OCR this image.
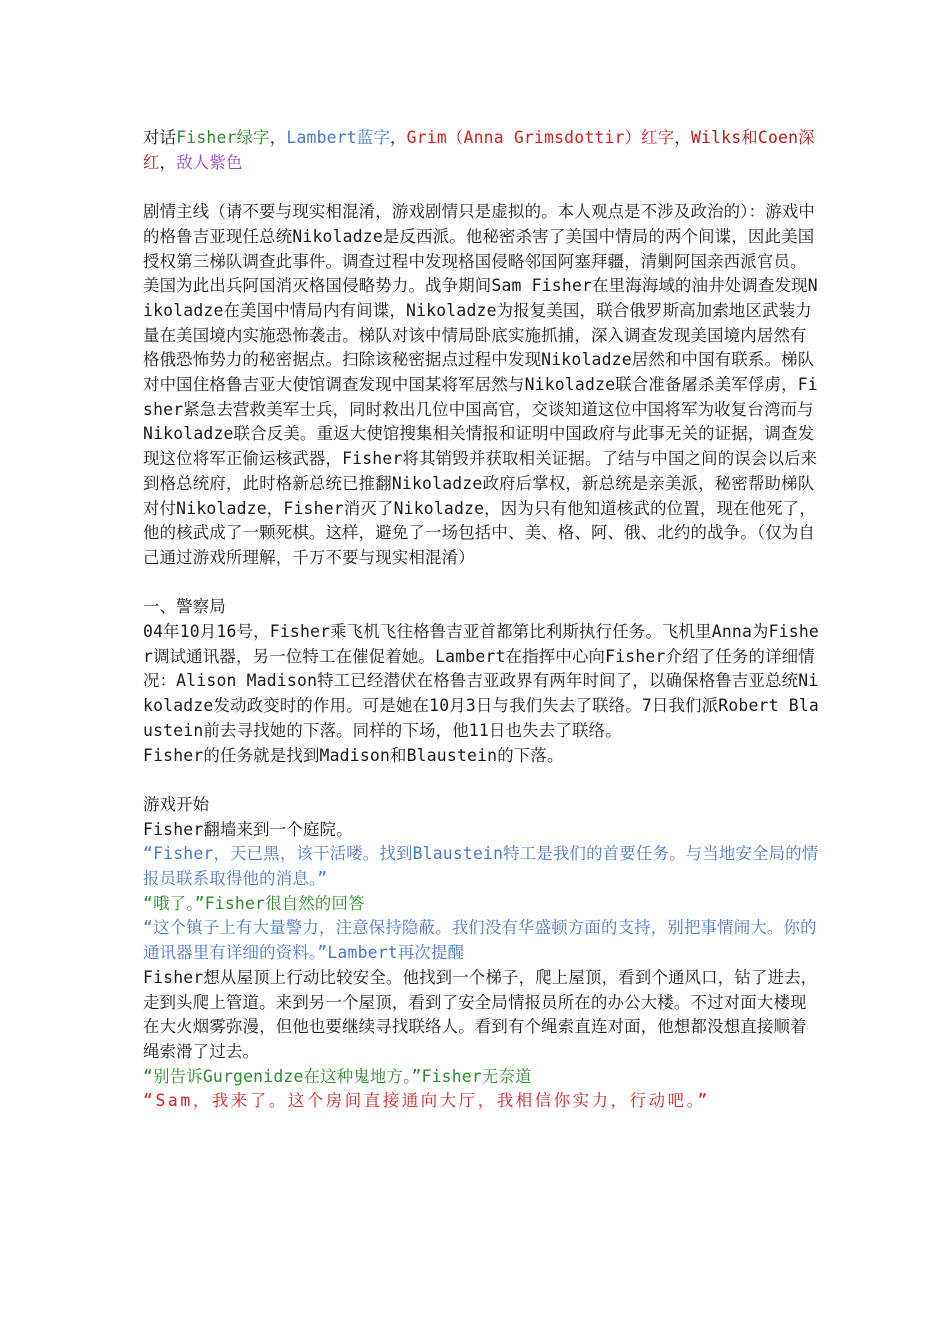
对话Fisher绿字，Lambert蓝字，Grim（Anna Grimsdottir）红字，Wilks和Coen深红，敌人紫色

剧情主线（请不要与现实相混淆，游戏剧情只是虚拟的。本人观点是不涉及政治的）：游戏中的格鲁吉亚现任总统Nikoladze是反西派。他秘密杀害了美国中情局的两个间谍，因此美国授权第三梯队调查此事件。调查过程中发现格国侵略邻国阿塞拜疆，清剿阿国亲西派官员。美国为此出兵阿国消灭格国侵略势力。战争期间Sam Fisher在里海海域的油井处调查发现Nikoladze在美国中情局内有间谍，Nikoladze为报复美国，联合俄罗斯高加索地区武装力量在美国境内实施恐怖袭击。梯队对该中情局卧底实施抓捕，深入调查发现美国境内居然有格俄恐怖势力的秘密据点。扫除该秘密据点过程中发现Nikoladze居然和中国有联系。梯队对中国住格鲁吉亚大使馆调查发现中国某将军居然与Nikoladze联合准备屠杀美军俘虏，Fisher紧急去营救美军士兵，同时救出几位中国高官，交谈知道这位中国将军为收复台湾而与Nikoladze联合反美。重返大使馆搜集相关情报和证明中国政府与此事无关的证据，调查发现这位将军正偷运核武器，Fisher将其销毁并获取相关证据。了结与中国之间的误会以后来到格总统府，此时格新总统已推翻Nikoladze政府后掌权，新总统是亲美派，秘密帮助梯队对付Nikoladze，Fisher消灭了Nikoladze，因为只有他知道核武的位置，现在他死了，他的核武成了一颗死棋。这样，避免了一场包括中、美、格、阿、俄、北约的战争。（仅为自己通过游戏所理解，千万不要与现实相混淆）

一、警察局

04年10月16号，Fisher乘飞机飞往格鲁吉亚首都第比利斯执行任务。飞机里Anna为Fisher调试通讯器，另一位特工在催促着她。Lambert在指挥中心向Fisher介绍了任务的详细情况：Alison Madison特工已经潜伏在格鲁吉亚政界有两年时间了，以确保格鲁吉亚总统Nikoladze发动政变时的作用。可是她在10月3日与我们失去了联络。7日我们派Robert Blaustein前去寻找她的下落。同样的下场，他11日也失去了联络。

Fisher的任务就是找到Madison和Blaustein的下落。

游戏开始

Fisher翻墙来到一个庭院。

“Fisher，天已黑，该干活喽。找到Blaustein特工是我们的首要任务。与当地安全局的情报员联系取得他的消息。”

“哦了。”Fisher很自然的回答

“这个镇子上有大量警力，注意保持隐蔽。我们没有华盛顿方面的支持，别把事情闹大。你的通讯器里有详细的资料。”Lambert再次提醒

Fisher想从屋顶上行动比较安全。他找到一个梯子，爬上屋顶，看到个通风口，钻了进去，走到头爬上管道。来到另一个屋顶，看到了安全局情报员所在的办公大楼。不过对面大楼现在大火烟雾弥漫，但他也要继续寻找联络人。看到有个绳索直连对面，他想都没想直接顺着绳索滑了过去。

“别告诉Gurgenidze在这种鬼地方。”Fisher无奈道

“Sam，我来了。这个房间直接通向大厅，我相信你实力，行动吧。”
